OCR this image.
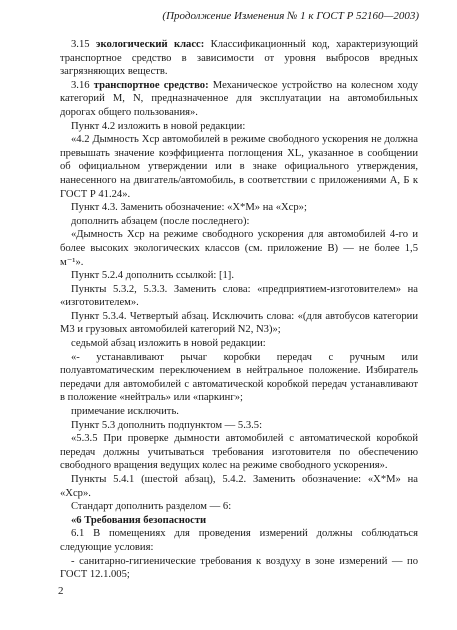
(Продолжение Изменения № 1 к ГОСТ Р 52160—2003)

3.15 экологический класс: Классификационный код, характеризующий транспортное средство в зависимости от уровня выбросов вредных загрязняющих веществ.

3.16 транспортное средство: Механическое устройство на колесном ходу категорий M, N, предназначенное для эксплуатации на автомобильных дорогах общего пользования».

Пункт 4.2 изложить в новой редакции:

«4.2 Дымность Xср автомобилей в режиме свободного ускорения не должна превышать значение коэффициента поглощения XL, указанное в сообщении об официальном утверждении или в знаке официального утверждения, нанесенного на двигатель/автомобиль, в соответствии с приложениями А, Б к ГОСТ Р 41.24».

Пункт 4.3. Заменить обозначение: «X*M» на «Xср»;

дополнить абзацем (после последнего):

«Дымность Xср на режиме свободного ускорения для автомобилей 4-го и более высоких экологических классов (см. приложение В) — не более 1,5 м⁻¹».

Пункт 5.2.4 дополнить ссылкой: [1].

Пункты 5.3.2, 5.3.3. Заменить слова: «предприятием-изготовителем» на «изготовителем».

Пункт 5.3.4. Четвертый абзац. Исключить слова: «(для автобусов категории M3 и грузовых автомобилей категорий N2, N3)»;

седьмой абзац изложить в новой редакции:

«- устанавливают рычаг коробки передач с ручным или полуавтоматическим переключением в нейтральное положение. Избиратель передачи для автомобилей с автоматической коробкой передач устанавливают в положение «нейтраль» или «паркинг»;

примечание исключить.

Пункт 5.3 дополнить подпунктом — 5.3.5:

«5.3.5 При проверке дымности автомобилей с автоматической коробкой передач должны учитываться требования изготовителя по обеспечению свободного вращения ведущих колес на режиме свободного ускорения».

Пункты 5.4.1 (шестой абзац), 5.4.2. Заменить обозначение: «X*M» на «Xср».

Стандарт дополнить разделом — 6:

«6 Требования безопасности

6.1 В помещениях для проведения измерений должны соблюдаться следующие условия:

- санитарно-гигиенические требования к воздуху в зоне измерений — по ГОСТ 12.1.005;

2
